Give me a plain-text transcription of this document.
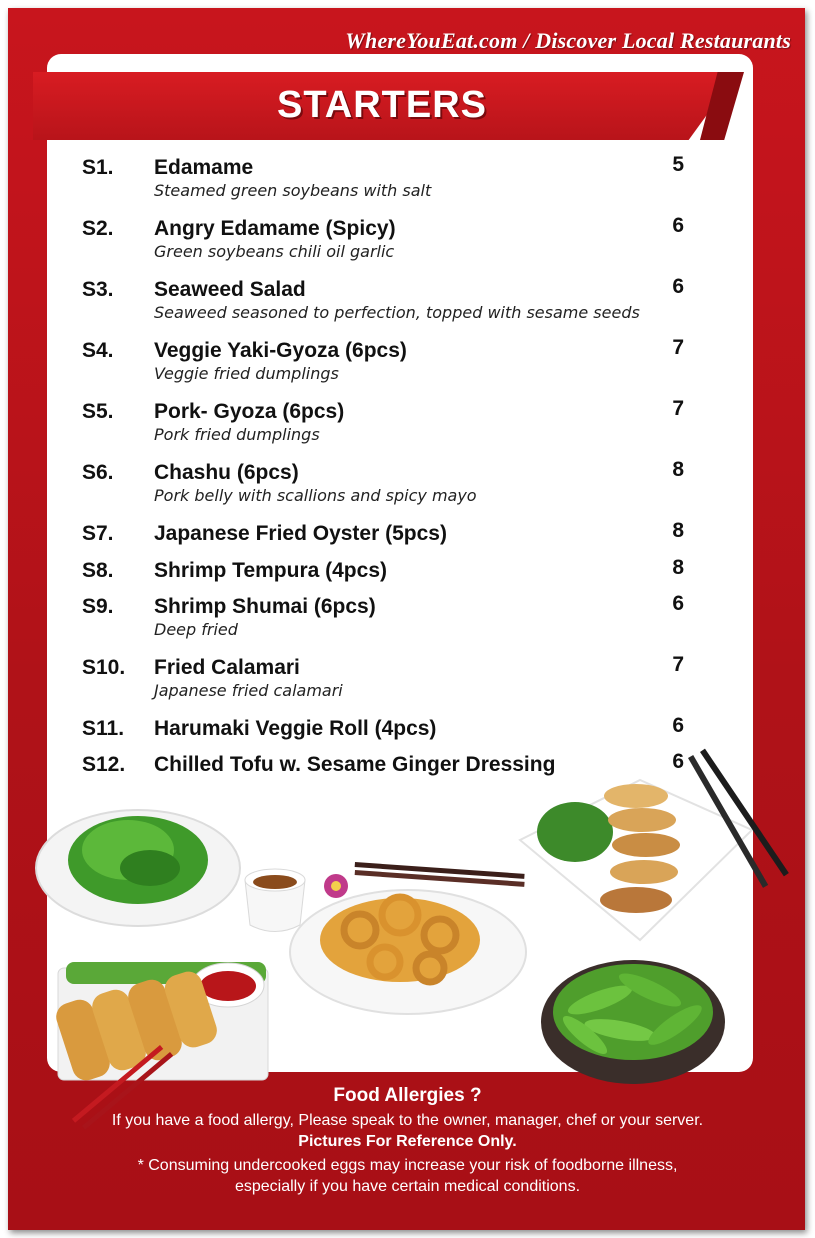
WhereYouEat.com / Discover Local Restaurants
STARTERS
S1. Edamame
Steamed green soybeans with salt
5
S2. Angry Edamame (Spicy)
Green soybeans chili oil garlic
6
S3. Seaweed Salad
Seaweed seasoned to perfection, topped with sesame seeds
6
S4. Veggie Yaki-Gyoza (6pcs)
Veggie fried dumplings
7
S5. Pork- Gyoza (6pcs)
Pork fried dumplings
7
S6. Chashu (6pcs)
Pork belly with scallions and spicy mayo
8
S7. Japanese Fried Oyster (5pcs)	8
S8. Shrimp Tempura (4pcs)	8
S9. Shrimp Shumai (6pcs)
Deep fried
6
S10. Fried Calamari
Japanese fried calamari
7
S11. Harumaki Veggie Roll (4pcs)	6
S12. Chilled Tofu w. Sesame Ginger Dressing	6
Food Allergies ?
If you have a food allergy, Please speak to the owner, manager, chef or your server.
Pictures For Reference Only.
* Consuming undercooked eggs may increase your risk of foodborne illness,
especially if you have certain medical conditions.
